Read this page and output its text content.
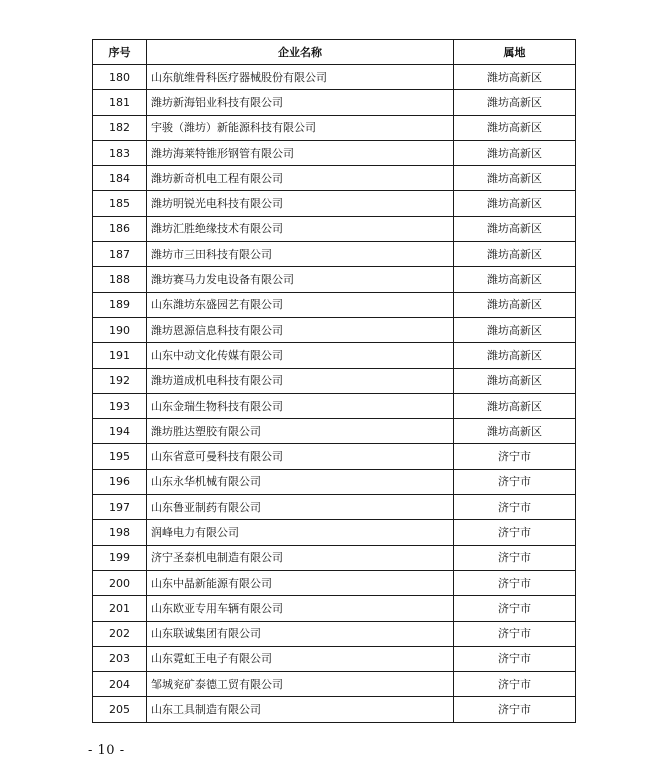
序号	企业名称	属地
180	山东航维骨科医疗器械股份有限公司	潍坊高新区
181	潍坊新海铝业科技有限公司	潍坊高新区
182	宇骏（潍坊）新能源科技有限公司	潍坊高新区
183	潍坊海莱特锥形钢管有限公司	潍坊高新区
184	潍坊新奇机电工程有限公司	潍坊高新区
185	潍坊明锐光电科技有限公司	潍坊高新区
186	潍坊汇胜绝缘技术有限公司	潍坊高新区
187	潍坊市三田科技有限公司	潍坊高新区
188	潍坊赛马力发电设备有限公司	潍坊高新区
189	山东潍坊东盛园艺有限公司	潍坊高新区
190	潍坊恩源信息科技有限公司	潍坊高新区
191	山东中动文化传媒有限公司	潍坊高新区
192	潍坊道成机电科技有限公司	潍坊高新区
193	山东金瑞生物科技有限公司	潍坊高新区
194	潍坊胜达塑胶有限公司	潍坊高新区
195	山东省意可曼科技有限公司	济宁市
196	山东永华机械有限公司	济宁市
197	山东鲁亚制药有限公司	济宁市
198	润峰电力有限公司	济宁市
199	济宁圣泰机电制造有限公司	济宁市
200	山东中晶新能源有限公司	济宁市
201	山东欧亚专用车辆有限公司	济宁市
202	山东联诚集团有限公司	济宁市
203	山东霓虹王电子有限公司	济宁市
204	邹城兖矿泰德工贸有限公司	济宁市
205	山东工具制造有限公司	济宁市
- 10 -
